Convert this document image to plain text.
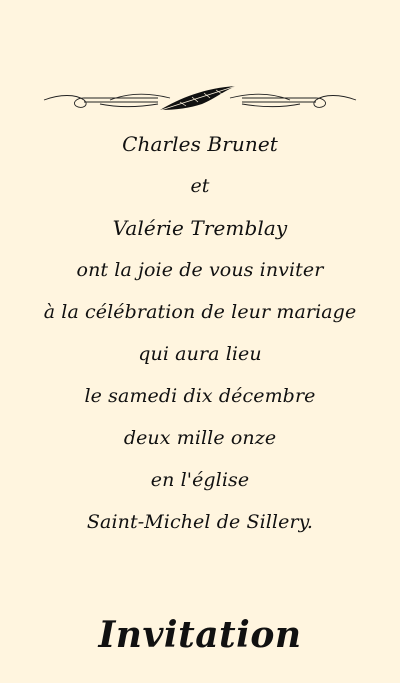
Charles Brunet
et
Valérie Tremblay
ont la joie de vous inviter
à la célébration de leur mariage
qui aura lieu
le samedi dix décembre
deux mille onze
en l'église
Saint-Michel de Sillery.
Invitation
